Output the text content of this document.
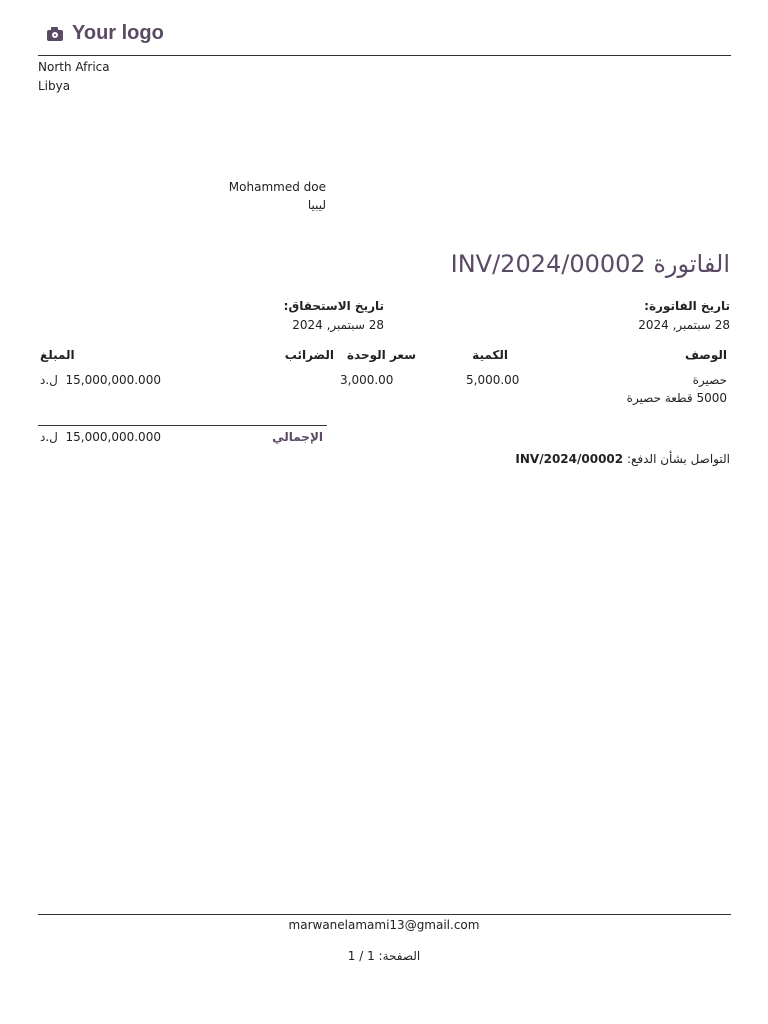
Your logo
North Africa
Libya
Mohammed doe
ليبيا
الفاتورة INV/2024/00002
تاريخ الفاتورة:
28 سبتمبر, 2024
تاريخ الاستحقاق:
28 سبتمبر, 2024
الوصف
الكمية
سعر الوحدة
الضرائب
المبلغ
حصيرة
5000 قطعة حصيرة
5,000.00
3,000.00
ل.د 15,000,000.000
ل.د 15,000,000.000	الإجمالي
التواصل بشأن الدفع: INV/2024/00002
marwanelamami13@gmail.com
الصفحة: 1 / 1
